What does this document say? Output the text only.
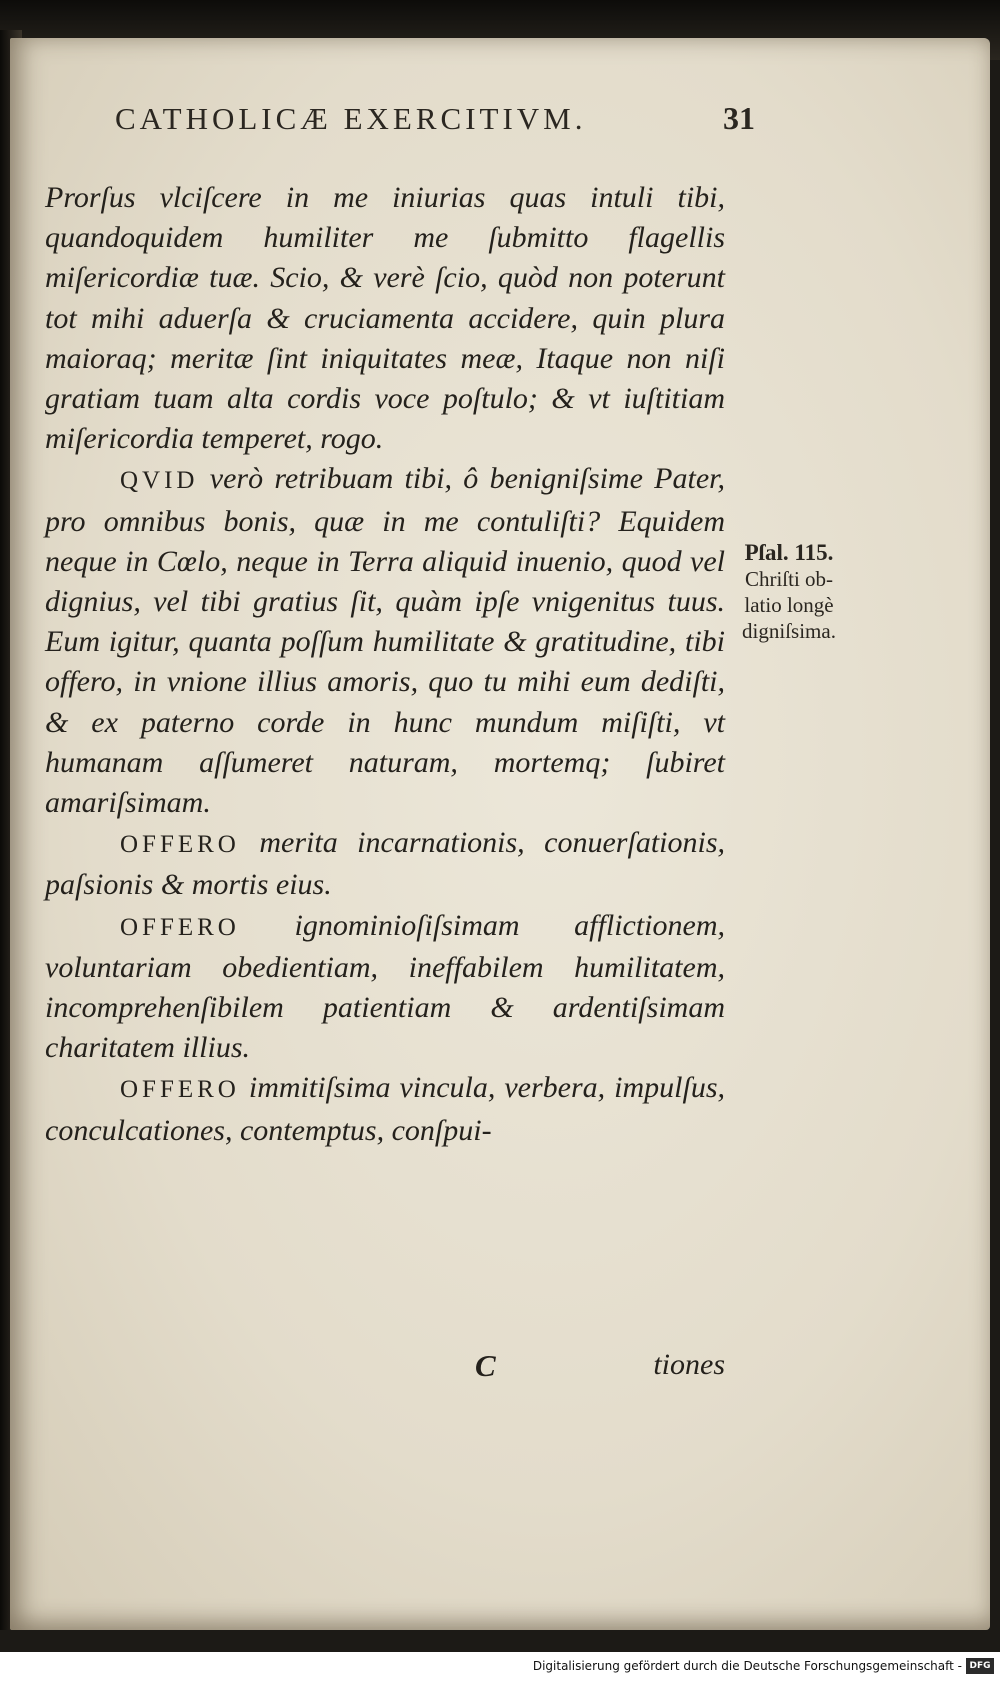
CATHOLICÆ EXERCITIVM.	31

Prorſus vlciſcere in me iniurias quas intuli tibi, quandoquidem humiliter me ſubmitto flagellis miſericordiæ tuæ. Scio, & verè ſcio, quòd non poterunt tot mihi aduerſa & cruciamenta accidere, quin plura maioraq; meritæ ſint iniquitates meæ, Itaque non niſi gratiam tuam alta cordis voce poſtulo; & vt iuſtitiam miſericordia temperet, rogo.

QVID verò retribuam tibi, ô benigniſsime Pater, pro omnibus bonis, quæ in me contuliſti? Equidem neque in Cœlo, neque in Terra aliquid inuenio, quod vel dignius, vel tibi gratius ſit, quàm ipſe vnigenitus tuus. Eum igitur, quanta poſſum humilitate & gratitudine, tibi offero, in vnione illius amoris, quo tu mihi eum dediſti, & ex paterno corde in hunc mundum miſiſti, vt humanam aſſumeret naturam, mortemq; ſubiret amariſsimam.

OFFERO merita incarnationis, conuerſationis, paſsionis & mortis eius.

OFFERO ignominioſiſsimam afflictionem, voluntariam obedientiam, ineffabilem humilitatem, incomprehenſibilem patientiam & ardentiſsimam charitatem illius.

OFFERO immitiſsima vincula, verbera, impulſus, conculcationes, contemptus, conſpui-

Pſal. 115.
Chriſti ob-
latio longè
digniſsima.
C	tiones
Digitalisierung gefördert durch die Deutsche Forschungsgemeinschaft - DFG
